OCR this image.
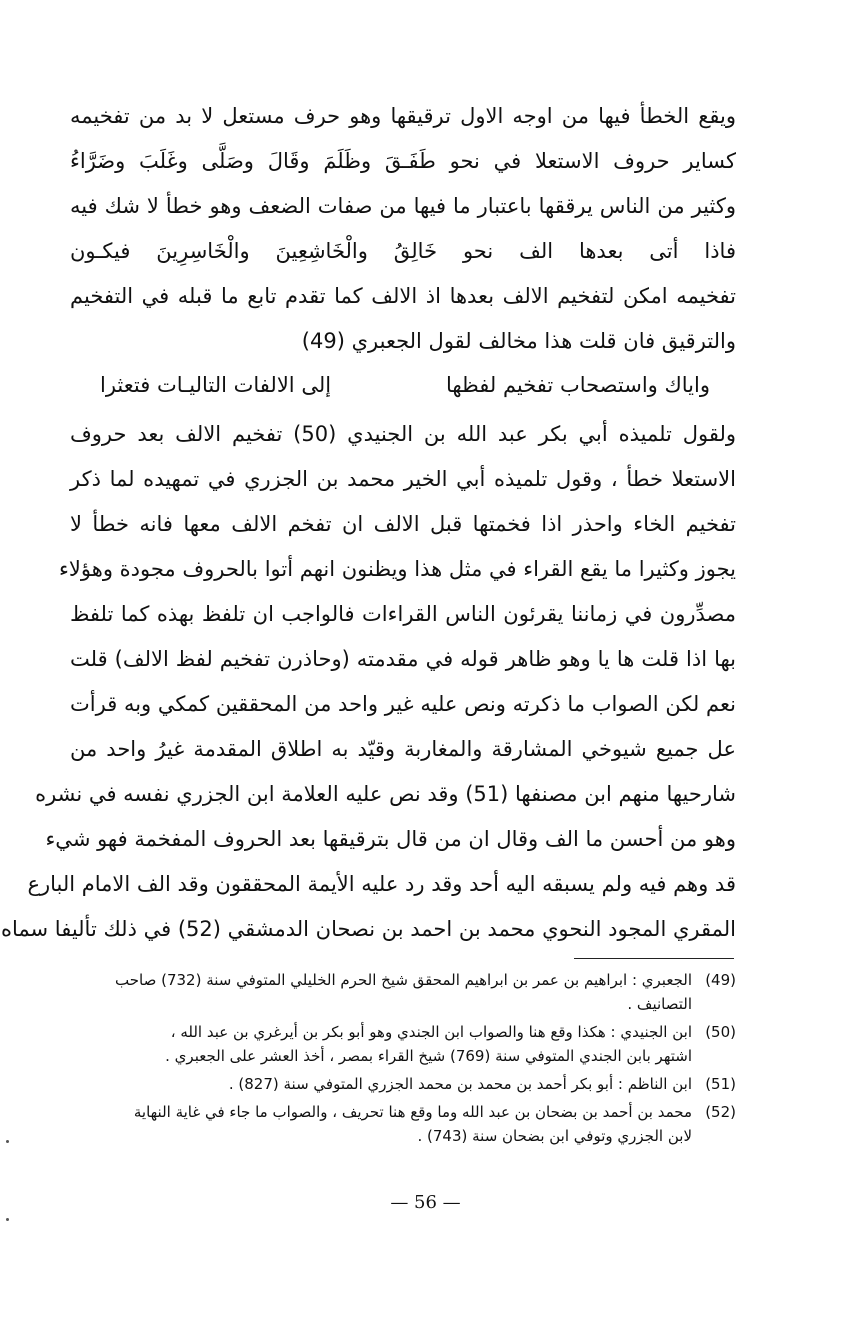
ويقع الخطأ فيها من اوجه الاول ترقيقها وهو حرف مستعل لا بد من تفخيمه
كساير حروف الاستعلا في نحو طَفَـقَ وظَلَمَ وقَالَ وصَلَّى وغَلَبَ وضَرَّاءُ
وكثير من الناس يرققها باعتبار ما فيها من صفات الضعف وهو خطأ لا شك فيه
فاذا أتى بعدها الف نحو خَالِقُ والْخَاشِعِينَ والْخَاسِرِينَ فيكـون
تفخيمه امكن لتفخيم الالف بعدها اذ الالف كما تقدم تابع ما قبله في التفخيم
والترقيق فان قلت هذا مخالف لقول الجعبري (49)
واياك واستصحاب تفخيم لفظها
إلى الالفات التاليـات فتعثرا
ولقول تلميذه أبي بكر عبد الله بن الجنيدي (50) تفخيم الالف بعد حروف
الاستعلا خطأ ، وقول تلميذه أبي الخير محمد بن الجزري في تمهيده لما ذكر
تفخيم الخاء واحذر اذا فخمتها قبل الالف ان تفخم الالف معها فانه خطأ لا
يجوز وكثيرا ما يقع القراء في مثل هذا ويظنون انهم أتوا بالحروف مجودة وهؤلاء
مصدِّرون في زماننا يقرئون الناس القراءات فالواجب ان تلفظ بهذه كما تلفظ
بها اذا قلت ها يا وهو ظاهر قوله في مقدمته (وحاذرن تفخيم لفظ الالف) قلت
نعم لكن الصواب ما ذكرته ونص عليه غير واحد من المحققين كمكي وبه قرأت
عل جميع شيوخي المشارقة والمغاربة وقيّد به اطلاق المقدمة غيرُ واحد من
شارحيها منهم ابن مصنفها (51) وقد نص عليه العلامة ابن الجزري نفسه في نشره
وهو من أحسن ما الف وقال ان من قال بترقيقها بعد الحروف المفخمة فهو شيء
قد وهم فيه ولم يسبقه اليه أحد وقد رد عليه الأيمة المحققون وقد الف الامام البارع
المقري المجود النحوي محمد بن احمد بن نصحان الدمشقي (52) في ذلك تأليفا سماه
(49)
الجعبري : ابراهيم بن عمر بن ابراهيم المحقق شيخ الحرم الخليلي المتوفي سنة (732) صاحب
التصانيف .
(50)
ابن الجنيدي : هكذا وقع هنا والصواب ابن الجندي وهو أبو بكر بن أيرغري بن عبد الله ،
اشتهر بابن الجندي المتوفي سنة (769) شيخ القراء بمصر ، أخذ العشر على الجعبري .
(51)
ابن الناظم : أبو بكر أحمد بن محمد بن محمد الجزري المتوفي سنة (827) .
(52)
محمد بن أحمد بن بضحان بن عبد الله وما وقع هنا تحريف ، والصواب ما جاء في غاية النهاية
لابن الجزري وتوفي ابن بضحان سنة (743) .
— 56 —
